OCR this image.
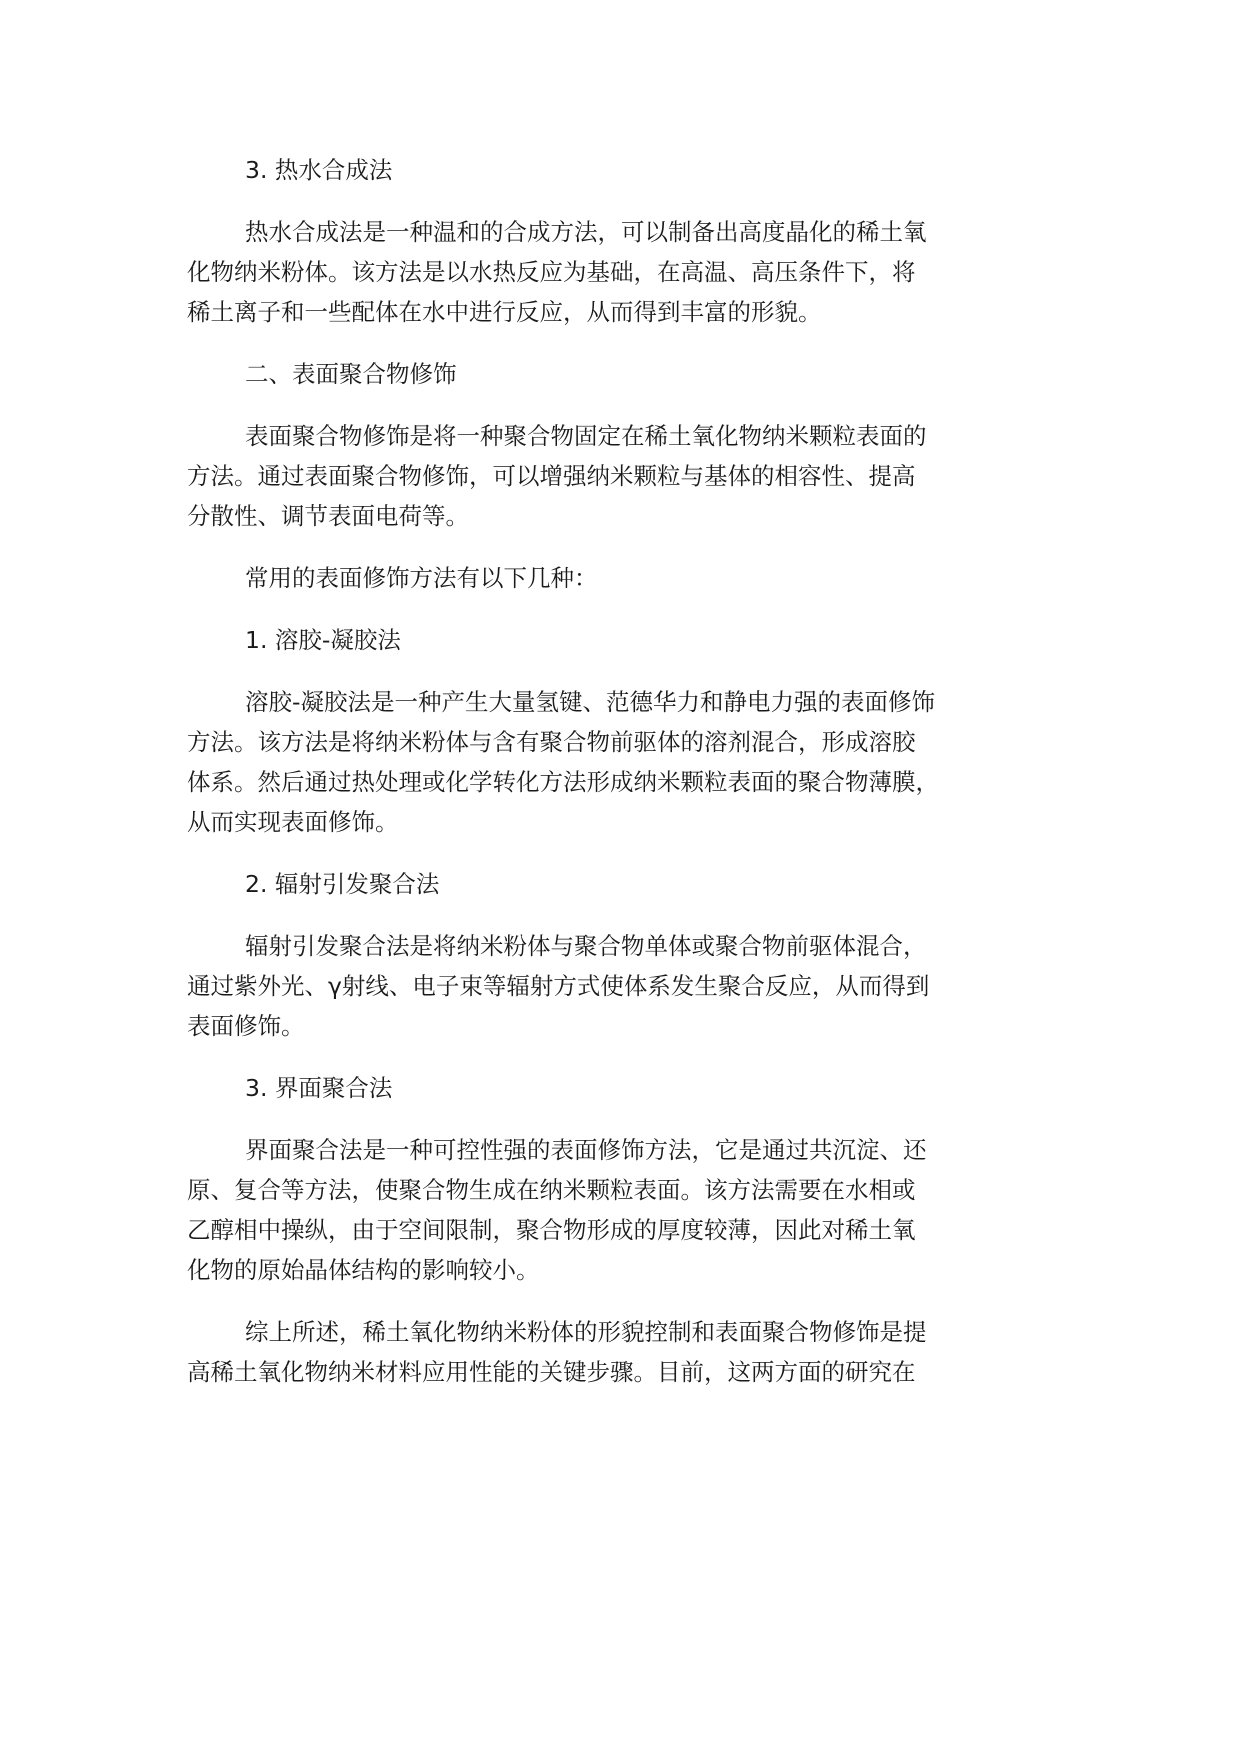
3. 热水合成法

热水合成法是一种温和的合成方法，可以制备出高度晶化的稀土氧
化物纳米粉体。该方法是以水热反应为基础，在高温、高压条件下，将
稀土离子和一些配体在水中进行反应，从而得到丰富的形貌。

二、表面聚合物修饰

表面聚合物修饰是将一种聚合物固定在稀土氧化物纳米颗粒表面的
方法。通过表面聚合物修饰，可以增强纳米颗粒与基体的相容性、提高
分散性、调节表面电荷等。

常用的表面修饰方法有以下几种：

1. 溶胶-凝胶法

溶胶-凝胶法是一种产生大量氢键、范德华力和静电力强的表面修饰
方法。该方法是将纳米粉体与含有聚合物前驱体的溶剂混合，形成溶胶
体系。然后通过热处理或化学转化方法形成纳米颗粒表面的聚合物薄膜，
从而实现表面修饰。

2. 辐射引发聚合法

辐射引发聚合法是将纳米粉体与聚合物单体或聚合物前驱体混合，
通过紫外光、γ射线、电子束等辐射方式使体系发生聚合反应，从而得到
表面修饰。

3. 界面聚合法

界面聚合法是一种可控性强的表面修饰方法，它是通过共沉淀、还
原、复合等方法，使聚合物生成在纳米颗粒表面。该方法需要在水相或
乙醇相中操纵，由于空间限制，聚合物形成的厚度较薄，因此对稀土氧
化物的原始晶体结构的影响较小。

综上所述，稀土氧化物纳米粉体的形貌控制和表面聚合物修饰是提
高稀土氧化物纳米材料应用性能的关键步骤。目前，这两方面的研究在
